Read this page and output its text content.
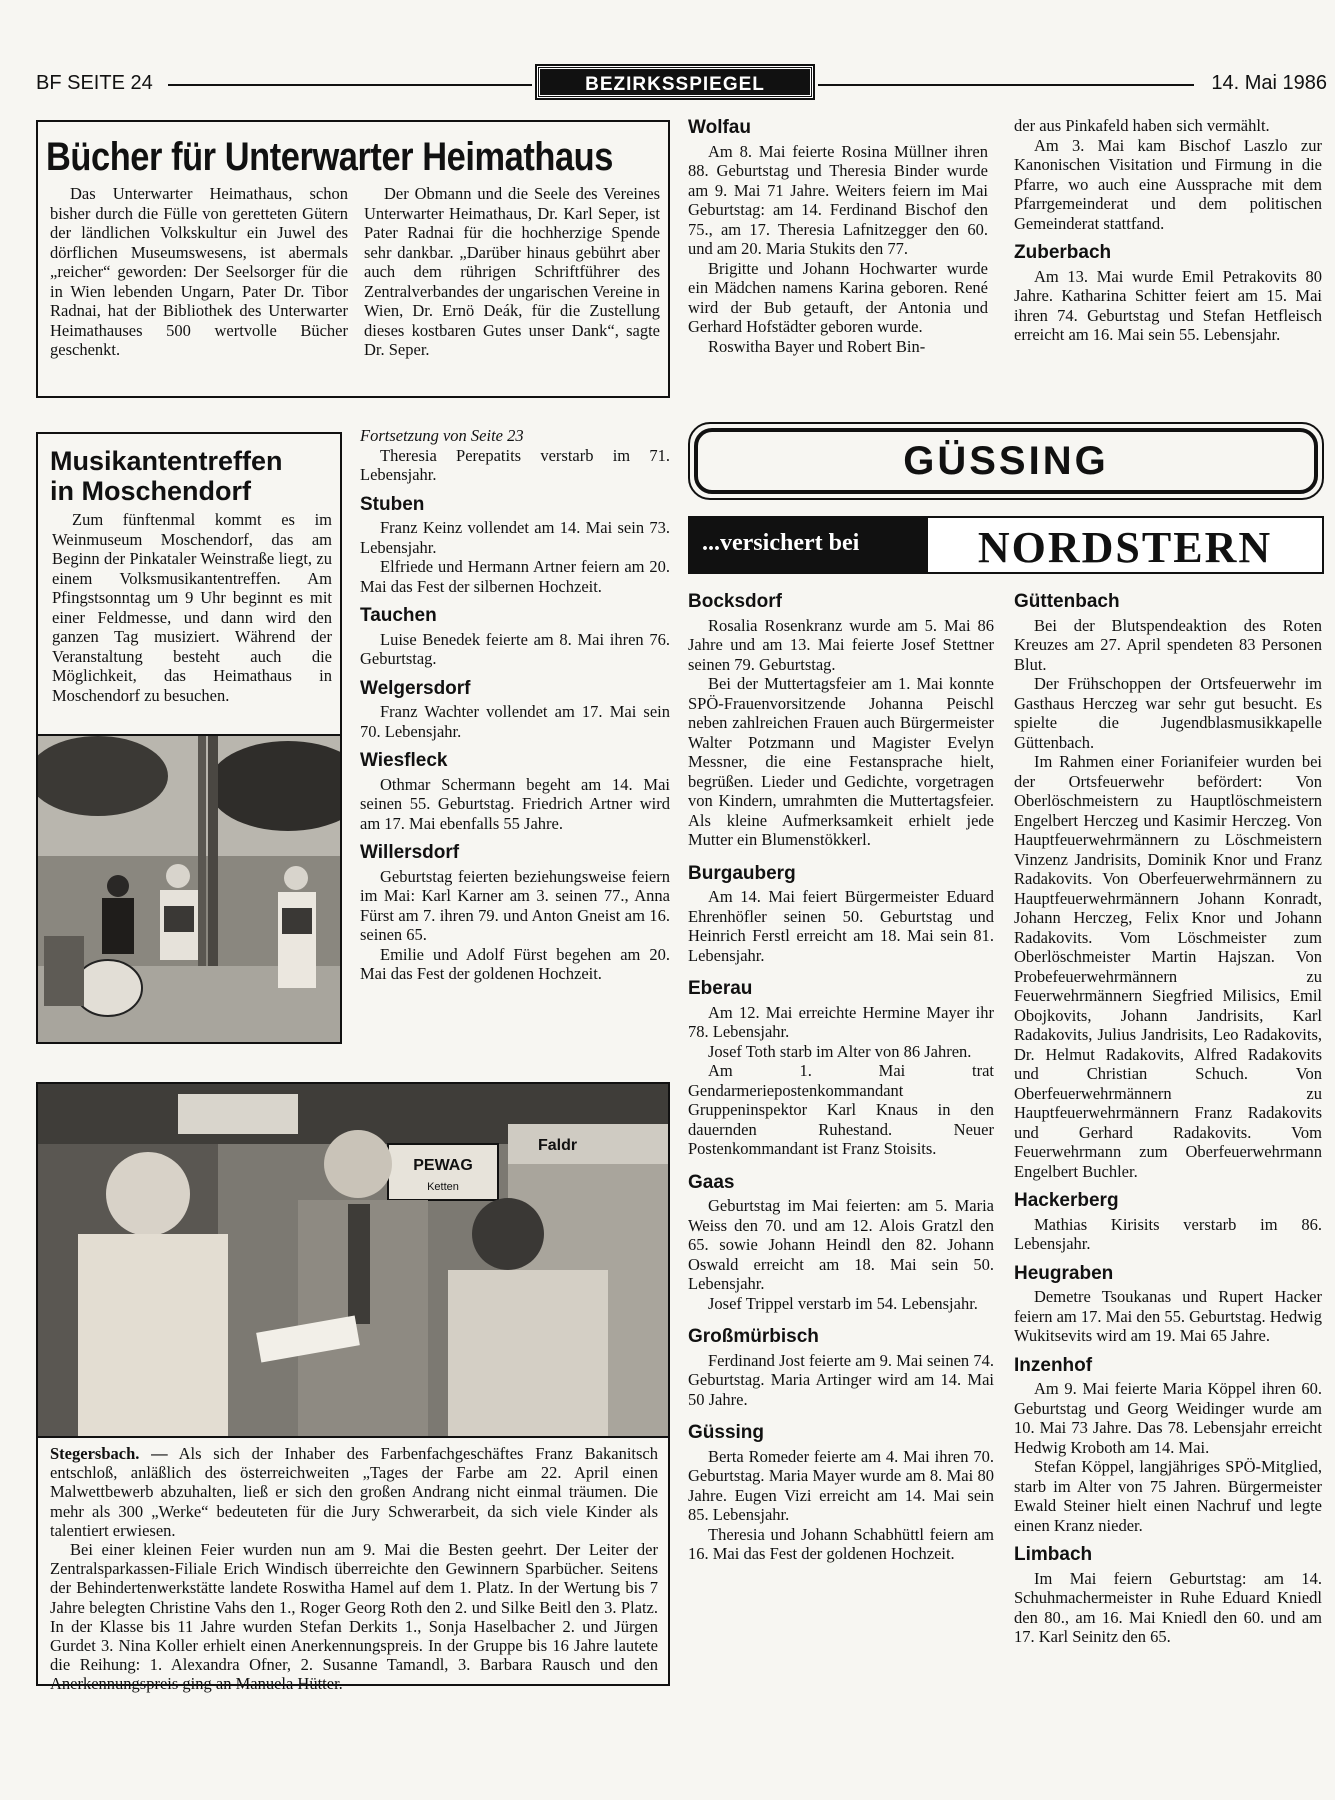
BF SEITE 24	BEZIRKSSPIEGEL	14. Mai 1986
Bücher für Unterwarter Heimathaus

Das Unterwarter Heimathaus, schon bisher durch die Fülle von geretteten Gütern der ländlichen Volkskultur ein Juwel des dörflichen Museumswesens, ist abermals „reicher“ geworden: Der Seelsorger für die in Wien lebenden Ungarn, Pater Dr. Tibor Radnai, hat der Bibliothek des Unterwarter Heimathauses 500 wertvolle Bücher geschenkt.

Der Obmann und die Seele des Vereines Unterwarter Heimathaus, Dr. Karl Seper, ist Pater Radnai für die hochherzige Spende sehr dankbar. „Darüber hinaus gebührt aber auch dem rührigen Schriftführer des Zentralverbandes der ungarischen Vereine in Wien, Dr. Ernö Deák, für die Zustellung dieses kostbaren Gutes unser Dank“, sagte Dr. Seper.

Wolfau

Am 8. Mai feierte Rosina Müllner ihren 88. Geburtstag und Theresia Binder wurde am 9. Mai 71 Jahre. Weiters feiern im Mai Geburtstag: am 14. Ferdinand Bischof den 75., am 17. Theresia Lafnitzegger den 60. und am 20. Maria Stukits den 77.

Brigitte und Johann Hochwarter wurde ein Mädchen namens Karina geboren. René wird der Bub getauft, der Antonia und Gerhard Hofstädter geboren wurde.

Roswitha Bayer und Robert Bin-

der aus Pinkafeld haben sich vermählt.

Am 3. Mai kam Bischof Laszlo zur Kanonischen Visitation und Firmung in die Pfarre, wo auch eine Aussprache mit dem Pfarrgemeinderat und dem politischen Gemeinderat stattfand.

Zuberbach

Am 13. Mai wurde Emil Petrakovits 80 Jahre. Katharina Schitter feiert am 15. Mai ihren 74. Geburtstag und Stefan Hetfleisch erreicht am 16. Mai sein 55. Lebensjahr.

Musikantentreffen
in Moschendorf

Zum fünftenmal kommt es im Weinmuseum Moschendorf, das am Beginn der Pinkataler Weinstraße liegt, zu einem Volksmusikantentreffen. Am Pfingstsonntag um 9 Uhr beginnt es mit einer Feldmesse, und dann wird den ganzen Tag musiziert. Während der Veranstaltung besteht auch die Möglichkeit, das Heimathaus in Moschendorf zu besuchen.

Fortsetzung von Seite 23

Theresia Perepatits verstarb im 71. Lebensjahr.

Stuben

Franz Keinz vollendet am 14. Mai sein 73. Lebensjahr.

Elfriede und Hermann Artner feiern am 20. Mai das Fest der silbernen Hochzeit.

Tauchen

Luise Benedek feierte am 8. Mai ihren 76. Geburtstag.

Welgersdorf

Franz Wachter vollendet am 17. Mai sein 70. Lebensjahr.

Wiesfleck

Othmar Schermann begeht am 14. Mai seinen 55. Geburtstag. Friedrich Artner wird am 17. Mai ebenfalls 55 Jahre.

Willersdorf

Geburtstag feierten beziehungsweise feiern im Mai: Karl Karner am 3. seinen 77., Anna Fürst am 7. ihren 79. und Anton Gneist am 16. seinen 65.

Emilie und Adolf Fürst begehen am 20. Mai das Fest der goldenen Hochzeit.

PEWAG
Ketten
Faldr

Stegersbach. — Als sich der Inhaber des Farbenfachgeschäftes Franz Bakanitsch entschloß, anläßlich des österreichweiten „Tages der Farbe am 22. April einen Malwettbewerb abzuhalten, ließ er sich den großen Andrang nicht einmal träumen. Die mehr als 300 „Werke“ bedeuteten für die Jury Schwerarbeit, da sich viele Kinder als talentiert erwiesen.

Bei einer kleinen Feier wurden nun am 9. Mai die Besten geehrt. Der Leiter der Zentralsparkassen-Filiale Erich Windisch überreichte den Gewinnern Sparbücher. Seitens der Behindertenwerkstätte landete Roswitha Hamel auf dem 1. Platz. In der Wertung bis 7 Jahre belegten Christine Vahs den 1., Roger Georg Roth den 2. und Silke Beitl den 3. Platz. In der Klasse bis 11 Jahre wurden Stefan Derkits 1., Sonja Haselbacher 2. und Jürgen Gurdet 3. Nina Koller erhielt einen Anerkennungspreis. In der Gruppe bis 16 Jahre lautete die Reihung: 1. Alexandra Ofner, 2. Susanne Tamandl, 3. Barbara Rausch und den Anerkennungspreis ging an Manuela Hütter.

GÜSSING
...versichert bei	NORDSTERN
Bocksdorf

Rosalia Rosenkranz wurde am 5. Mai 86 Jahre und am 13. Mai feierte Josef Stettner seinen 79. Geburtstag.

Bei der Muttertagsfeier am 1. Mai konnte SPÖ-Frauenvorsitzende Johanna Peischl neben zahlreichen Frauen auch Bürgermeister Walter Potzmann und Magister Evelyn Messner, die eine Festansprache hielt, begrüßen. Lieder und Gedichte, vorgetragen von Kindern, umrahmten die Muttertagsfeier. Als kleine Aufmerksamkeit erhielt jede Mutter ein Blumenstökkerl.

Burgauberg

Am 14. Mai feiert Bürgermeister Eduard Ehrenhöfler seinen 50. Geburtstag und Heinrich Ferstl erreicht am 18. Mai sein 81. Lebensjahr.

Eberau

Am 12. Mai erreichte Hermine Mayer ihr 78. Lebensjahr.

Josef Toth starb im Alter von 86 Jahren.

Am 1. Mai trat Gendarmeriepostenkommandant Gruppeninspektor Karl Knaus in den dauernden Ruhestand. Neuer Postenkommandant ist Franz Stoisits.

Gaas

Geburtstag im Mai feierten: am 5. Maria Weiss den 70. und am 12. Alois Gratzl den 65. sowie Johann Heindl den 82. Johann Oswald erreicht am 18. Mai sein 50. Lebensjahr.

Josef Trippel verstarb im 54. Lebensjahr.

Großmürbisch

Ferdinand Jost feierte am 9. Mai seinen 74. Geburtstag. Maria Artinger wird am 14. Mai 50 Jahre.

Güssing

Berta Romeder feierte am 4. Mai ihren 70. Geburtstag. Maria Mayer wurde am 8. Mai 80 Jahre. Eugen Vizi erreicht am 14. Mai sein 85. Lebensjahr.

Theresia und Johann Schabhüttl feiern am 16. Mai das Fest der goldenen Hochzeit.

Güttenbach

Bei der Blutspendeaktion des Roten Kreuzes am 27. April spendeten 83 Personen Blut.

Der Frühschoppen der Ortsfeuerwehr im Gasthaus Herczeg war sehr gut besucht. Es spielte die Jugendblasmusikkapelle Güttenbach.

Im Rahmen einer Forianifeier wurden bei der Ortsfeuerwehr befördert: Von Oberlöschmeistern zu Hauptlöschmeistern Engelbert Herczeg und Kasimir Herczeg. Von Hauptfeuerwehrmännern zu Löschmeistern Vinzenz Jandrisits, Dominik Knor und Franz Radakovits. Von Oberfeuerwehrmännern zu Hauptfeuerwehrmännern Johann Konradt, Johann Herczeg, Felix Knor und Johann Radakovits. Vom Löschmeister zum Oberlöschmeister Martin Hajszan. Von Probefeuerwehrmännern zu Feuerwehrmännern Siegfried Milisics, Emil Obojkovits, Johann Jandrisits, Karl Radakovits, Julius Jandrisits, Leo Radakovits, Dr. Helmut Radakovits, Alfred Radakovits und Christian Schuch. Von Oberfeuerwehrmännern zu Hauptfeuerwehrmännern Franz Radakovits und Gerhard Radakovits. Vom Feuerwehrmann zum Oberfeuerwehrmann Engelbert Buchler.

Hackerberg

Mathias Kirisits verstarb im 86. Lebensjahr.

Heugraben

Demetre Tsoukanas und Rupert Hacker feiern am 17. Mai den 55. Geburtstag. Hedwig Wukitsevits wird am 19. Mai 65 Jahre.

Inzenhof

Am 9. Mai feierte Maria Köppel ihren 60. Geburtstag und Georg Weidinger wurde am 10. Mai 73 Jahre. Das 78. Lebensjahr erreicht Hedwig Kroboth am 14. Mai.

Stefan Köppel, langjähriges SPÖ-Mitglied, starb im Alter von 75 Jahren. Bürgermeister Ewald Steiner hielt einen Nachruf und legte einen Kranz nieder.

Limbach

Im Mai feiern Geburtstag: am 14. Schuhmachermeister in Ruhe Eduard Kniedl den 80., am 16. Mai Kniedl den 60. und am 17. Karl Seinitz den 65.
